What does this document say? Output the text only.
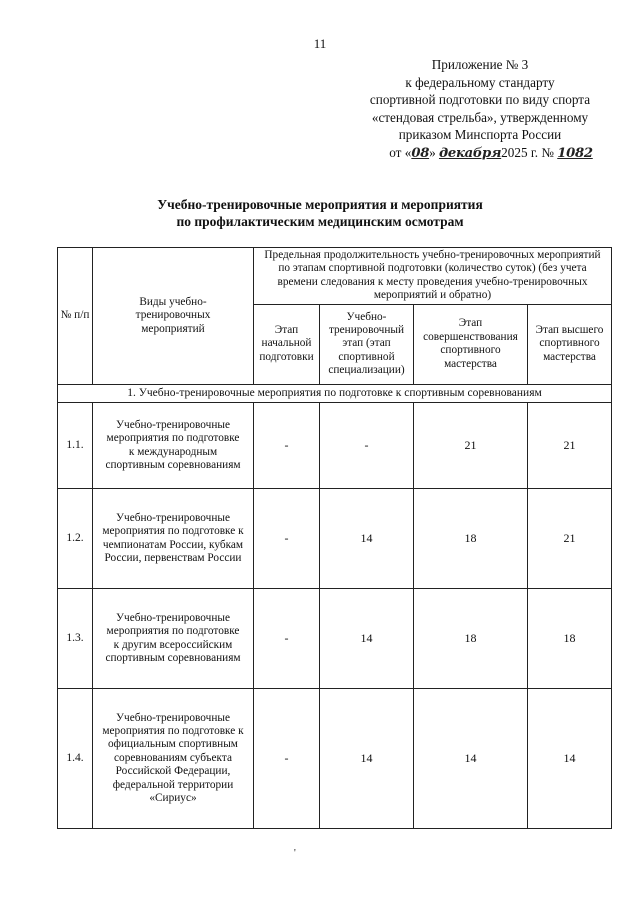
11
Приложение № 3
к федеральному стандарту
спортивной подготовки по виду спорта
«стендовая стрельба», утвержденному
приказом Минспорта России
от «08» декабря2025 г. № 1082
Учебно-тренировочные мероприятия и мероприятия
по профилактическим медицинским осмотрам
№ п/п	Виды учебно-тренировочных мероприятий	Предельная продолжительность учебно-тренировочных мероприятий по этапам спортивной подготовки (количество суток) (без учета времени следования к месту проведения учебно-тренировочных мероприятий и обратно)			
		Этап начальной подготовки	Учебно-тренировочный этап (этап спортивной специализации)	Этап совершенствования спортивного мастерства	Этап высшего спортивного мастерства
1. Учебно-тренировочные мероприятия по подготовке к спортивным соревнованиям					
1.1.	Учебно-тренировочные мероприятия по подготовке к международным спортивным соревнованиям	-	-	21	21
1.2.	Учебно-тренировочные мероприятия по подготовке к чемпионатам России, кубкам России, первенствам России	-	14	18	21
1.3.	Учебно-тренировочные мероприятия по подготовке к другим всероссийским спортивным соревнованиям	-	14	18	18
1.4.	Учебно-тренировочные мероприятия по подготовке к официальным спортивным соревнованиям субъекта Российской Федерации, федеральной территории «Сириус»	-	14	14	14
'
